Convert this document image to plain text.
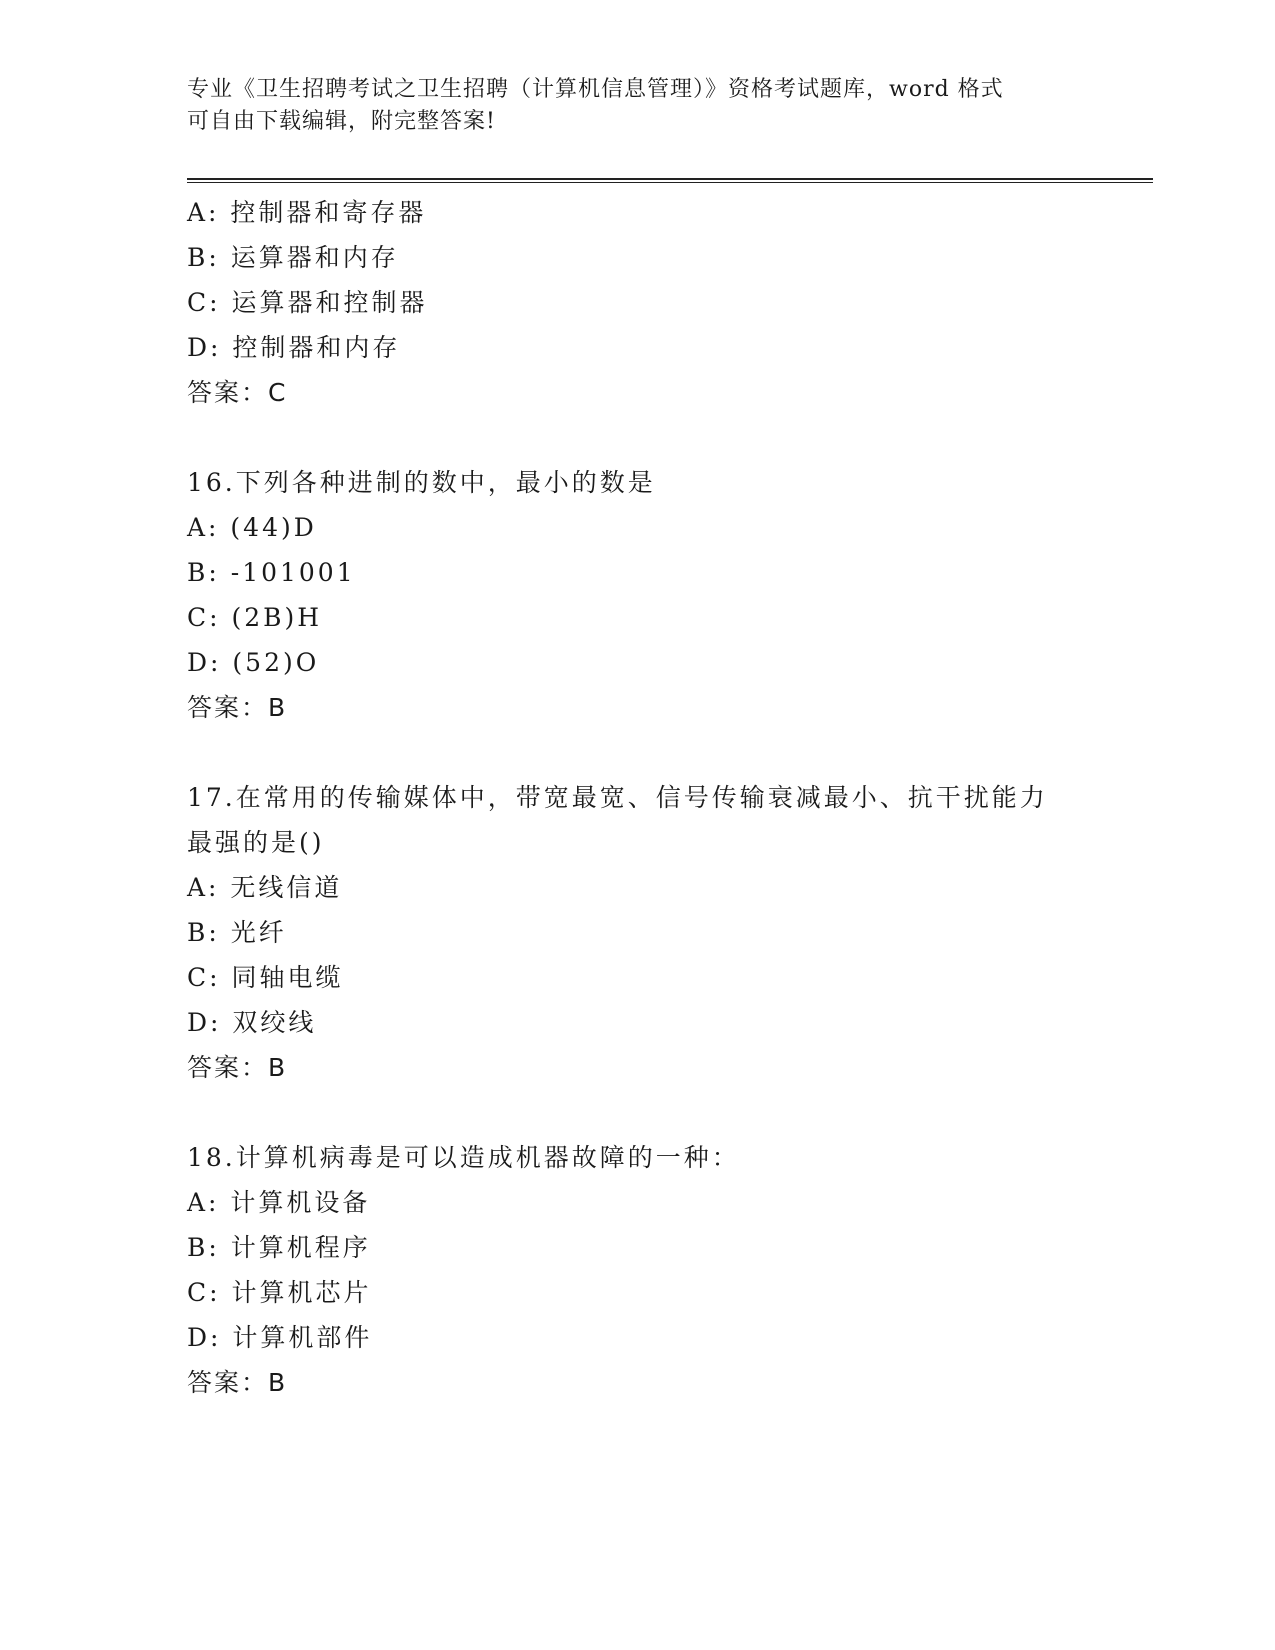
专业《卫生招聘考试之卫生招聘（计算机信息管理）》资格考试题库，word 格式
可自由下载编辑，附完整答案!
A: 控制器和寄存器
B: 运算器和内存
C: 运算器和控制器
D: 控制器和内存
答案：C
16.下列各种进制的数中，最小的数是
A: (44)D
B: -101001
C: (2B)H
D: (52)O
答案：B
17.在常用的传输媒体中，带宽最宽、信号传输衰减最小、抗干扰能力
最强的是()
A: 无线信道
B: 光纤
C: 同轴电缆
D: 双绞线
答案：B
18.计算机病毒是可以造成机器故障的一种：
A: 计算机设备
B: 计算机程序
C: 计算机芯片
D: 计算机部件
答案：B
